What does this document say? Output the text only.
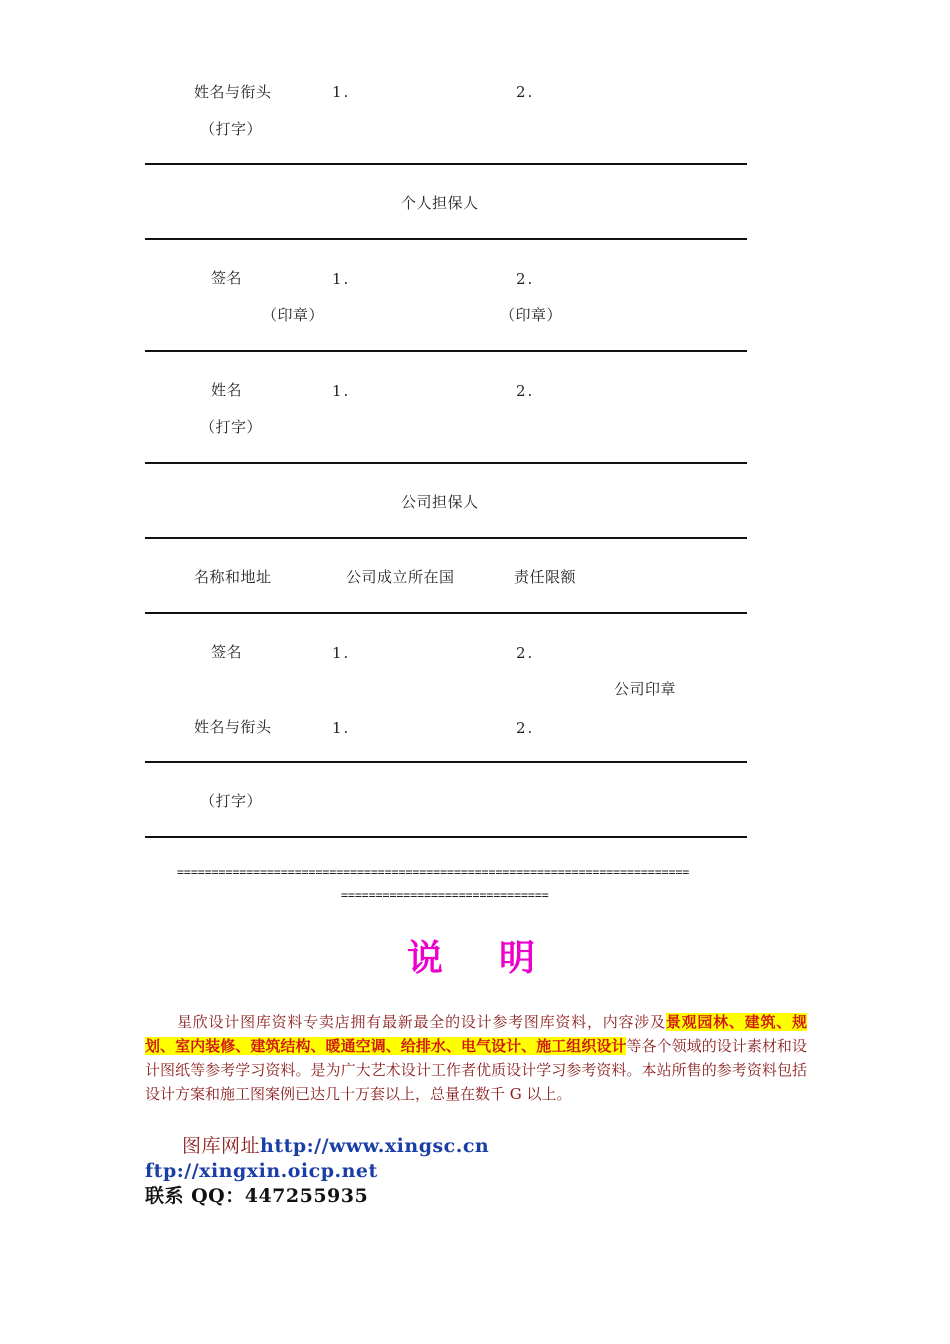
姓名与衔头	1.	2.
（打字）
个人担保人
签名	1.	2.
（印章）	（印章）
姓名	1.	2.
（打字）
公司担保人
名称和地址	公司成立所在国	责任限额
签名	1.	2.
公司印章
姓名与衔头	1.	2.
（打字）
==========================================================================
==============================
说明
星欣设计图库资料专卖店拥有最新最全的设计参考图库资料，内容涉及景观园林、建筑、规划、室内装修、建筑结构、暖通空调、给排水、电气设计、施工组织设计等各个领域的设计素材和设计图纸等参考学习资料。是为广大艺术设计工作者优质设计学习参考资料。本站所售的参考资料包括设计方案和施工图案例已达几十万套以上，总量在数千 G 以上。
图库网址http://www.xingsc.cn
ftp://xingxin.oicp.net
联系 QQ：447255935
